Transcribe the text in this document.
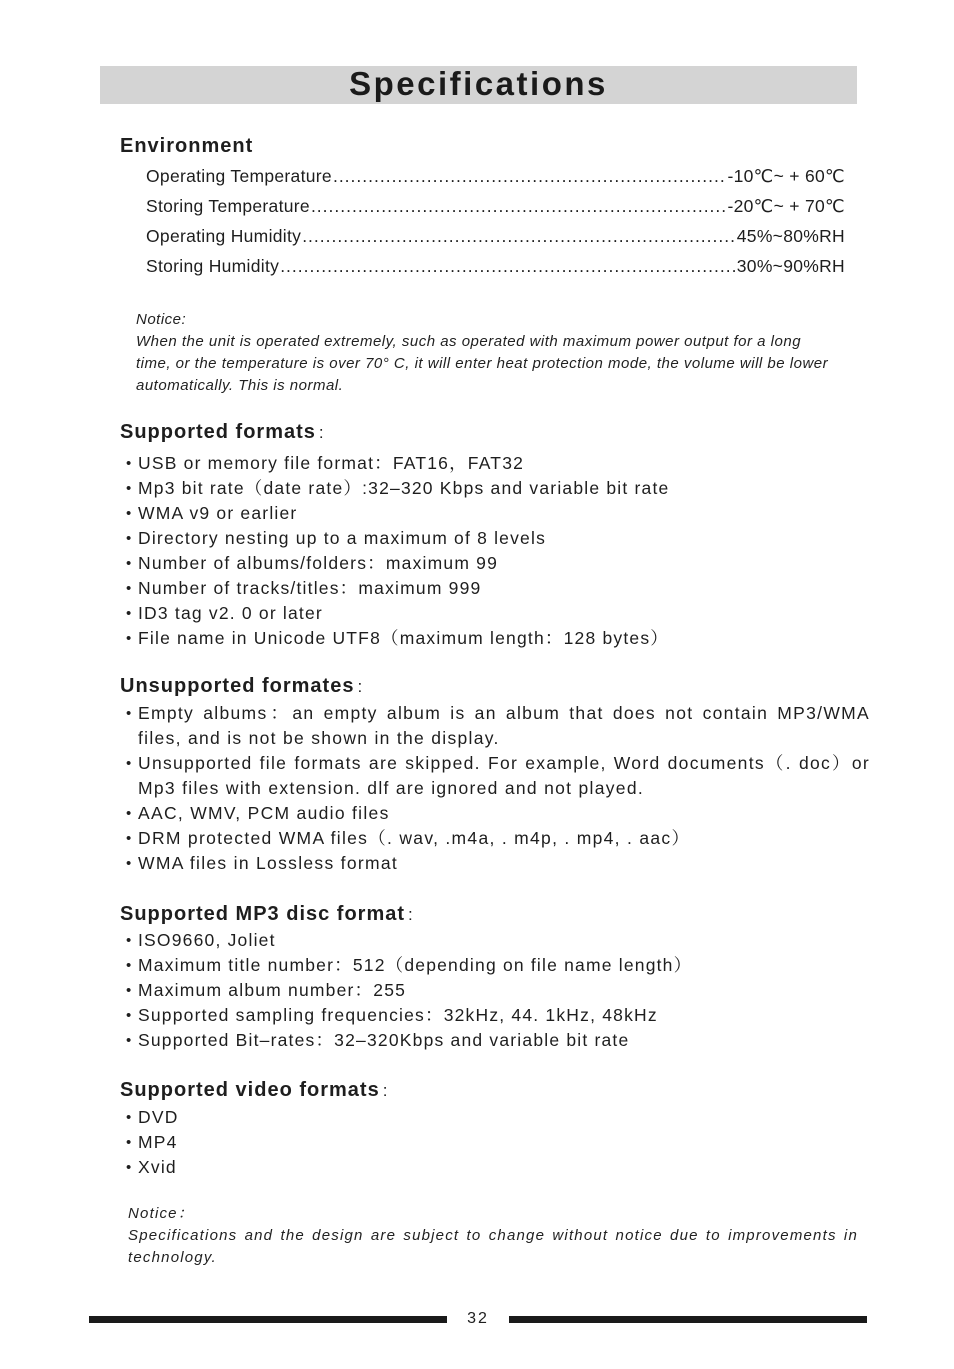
Specifications
Environment
Operating Temperature .....	-10℃~ + 60℃
Storing Temperature .....	-20℃~ + 70℃
Operating Humidity .....	45%~80%RH
Storing Humidity .....	30%~90%RH
Notice:
When the unit is operated extremely, such as operated with maximum power output for a long time, or the temperature is over 70° C, it will enter heat protection mode, the volume will be lower automatically. This is normal.
Supported formats :
• USB or memory file format：FAT16，FAT32
• Mp3 bit rate（date rate）:32–320 Kbps and variable bit rate
• WMA v9 or earlier
• Directory nesting up to a maximum of 8 levels
• Number of albums/folders：maximum 99
• Number of tracks/titles：maximum 999
• ID3 tag v2. 0 or later
• File name in Unicode UTF8（maximum length：128 bytes）
Unsupported formates :
• Empty albums：an empty album is an album that does not contain MP3/WMA files, and is not be shown in the display.
• Unsupported file formats are skipped. For example, Word documents（. doc）or Mp3 files with extension. dlf are ignored and not played.
• AAC, WMV, PCM audio files
• DRM protected WMA files（. wav, .m4a, . m4p, . mp4, . aac）
• WMA files in Lossless format
Supported MP3 disc format :
• ISO9660, Joliet
• Maximum title number：512（depending on file name length）
• Maximum album number：255
• Supported sampling frequencies：32kHz, 44. 1kHz, 48kHz
• Supported Bit–rates：32–320Kbps and variable bit rate
Supported video formats :
• DVD
• MP4
• Xvid
Notice：
Specifications and the design are subject to change without notice due to improvements in technology.
32
